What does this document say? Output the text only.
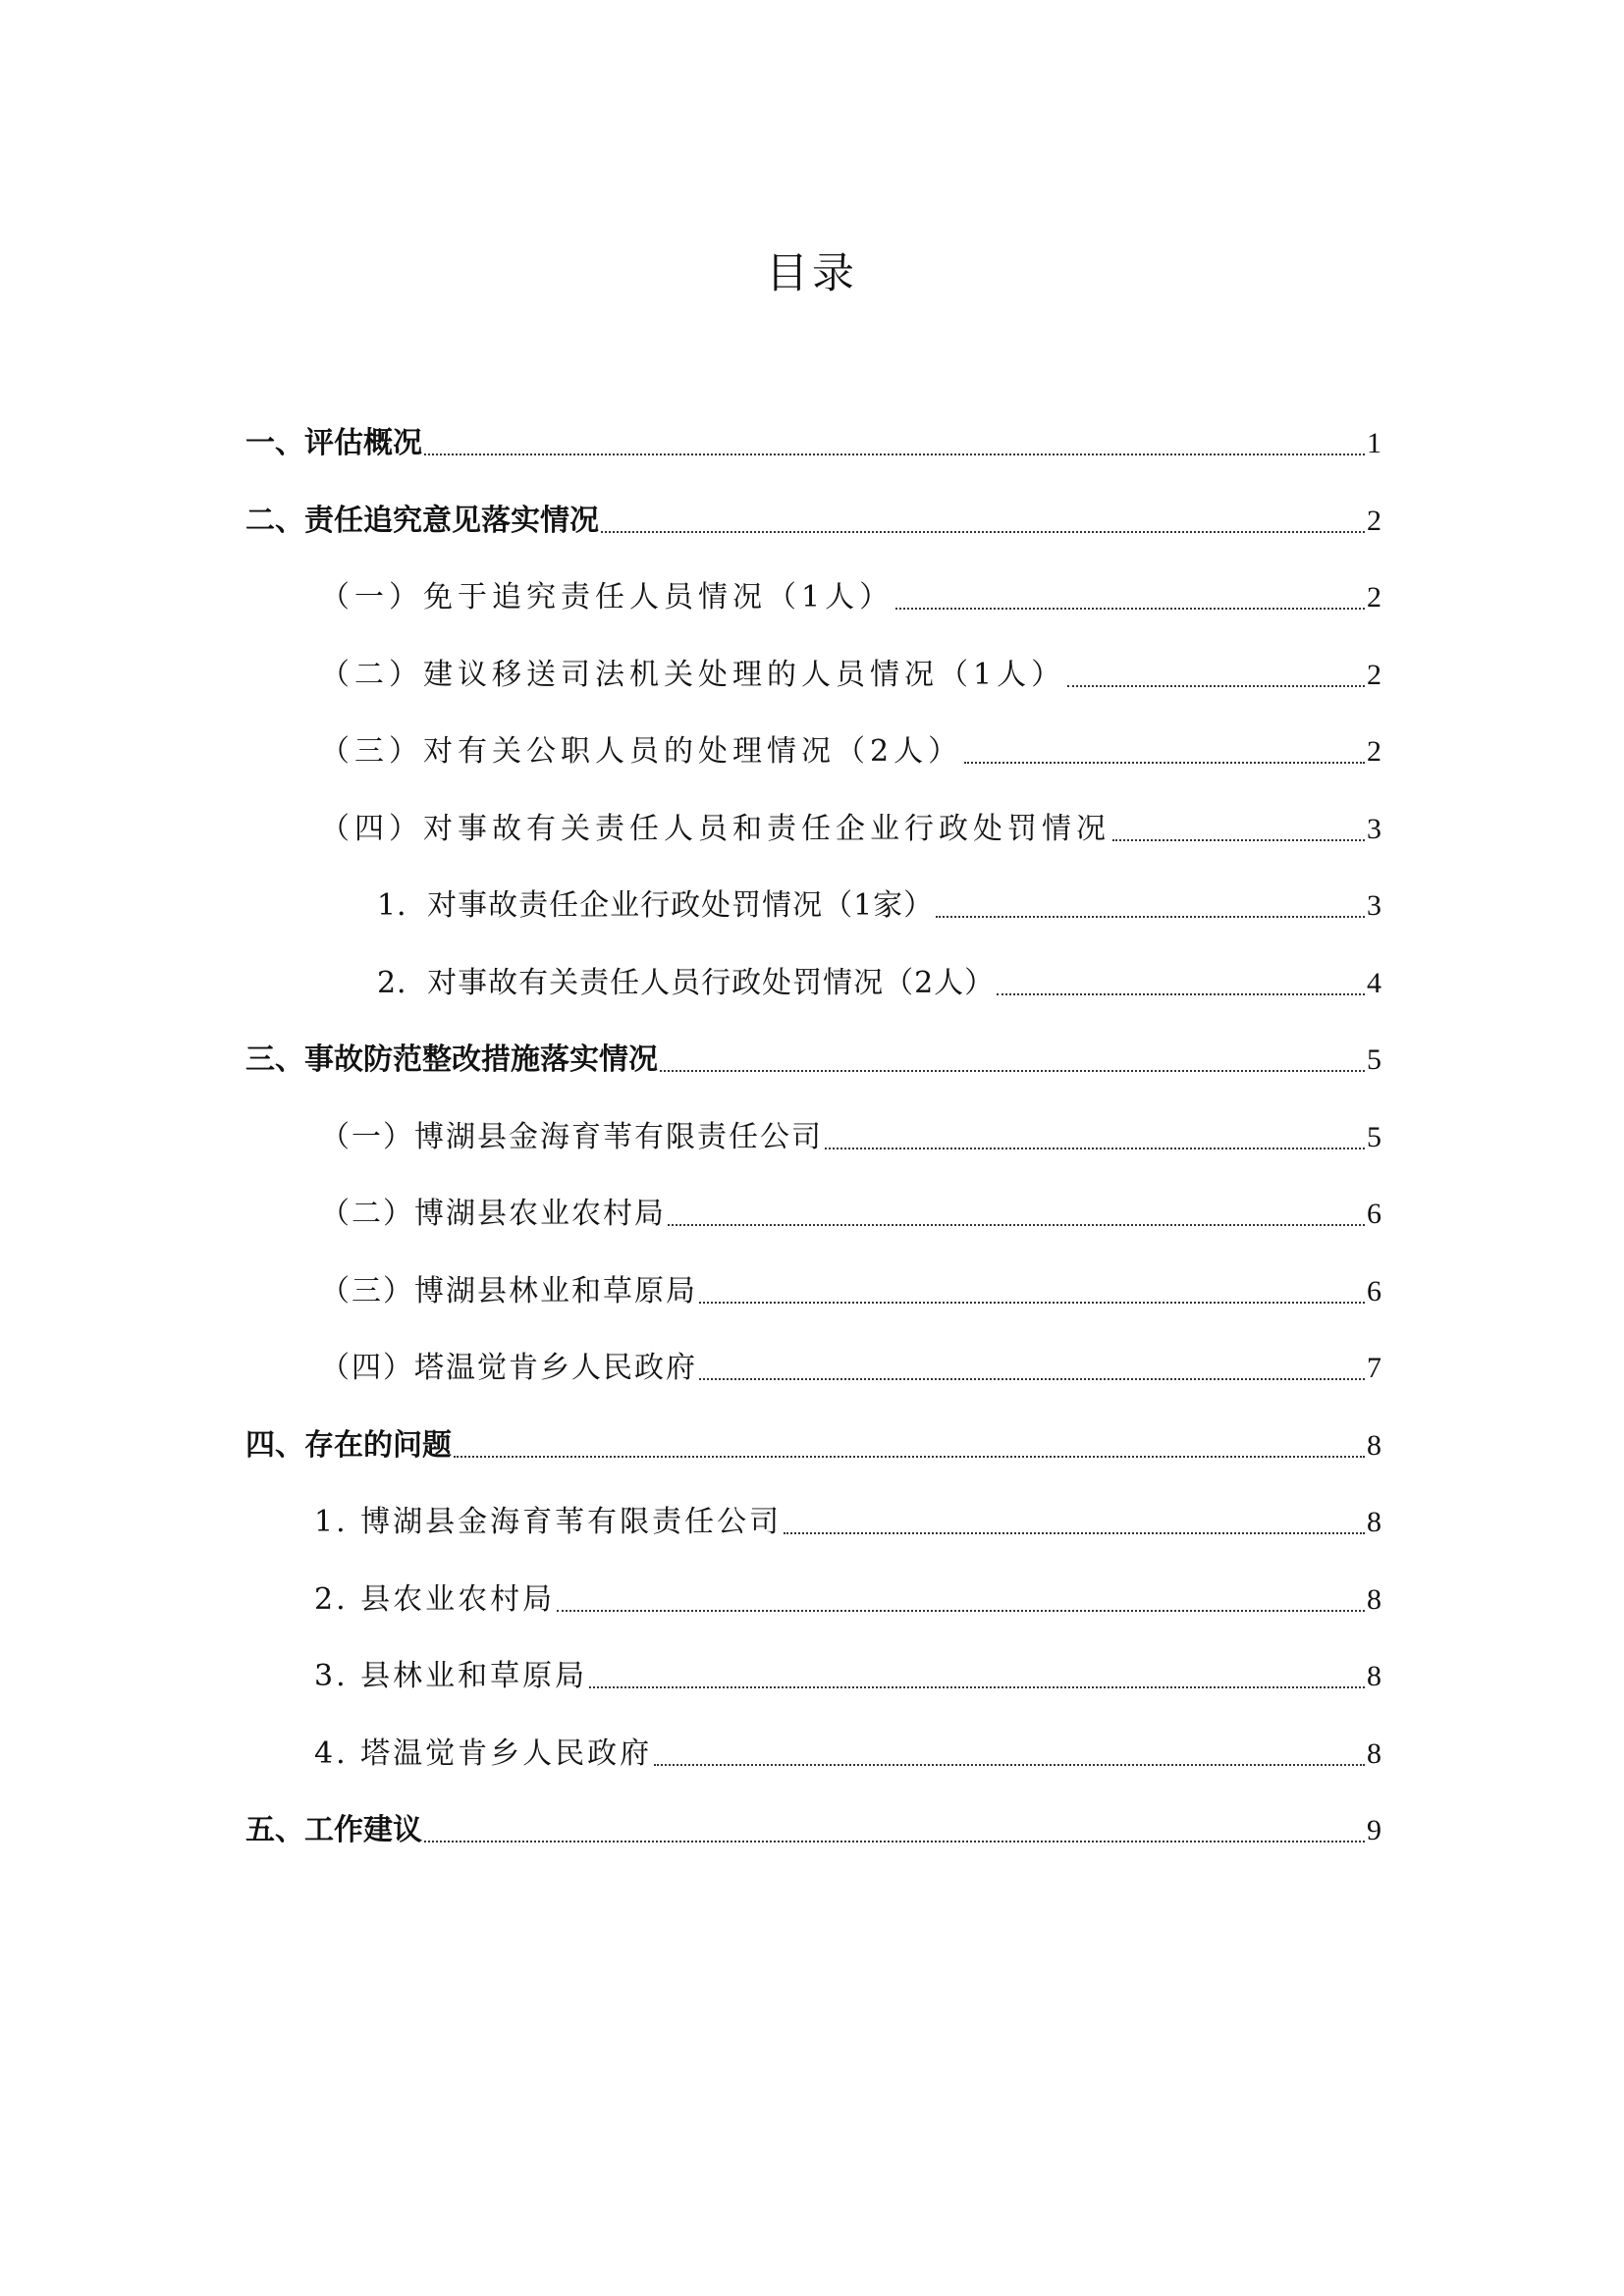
目录
一、评估概况	1
二、责任追究意见落实情况	2
（一）免于追究责任人员情况（1人）	2
（二）建议移送司法机关处理的人员情况（1人）	2
（三）对有关公职人员的处理情况（2人）	2
（四）对事故有关责任人员和责任企业行政处罚情况	3
1．对事故责任企业行政处罚情况（1家）	3
2．对事故有关责任人员行政处罚情况（2人）	4
三、事故防范整改措施落实情况	5
（一）博湖县金海育苇有限责任公司	5
（二）博湖县农业农村局	6
（三）博湖县林业和草原局	6
（四）塔温觉肯乡人民政府	7
四、存在的问题	8
1. 博湖县金海育苇有限责任公司	8
2. 县农业农村局	8
3. 县林业和草原局	8
4. 塔温觉肯乡人民政府	8
五、工作建议	9
